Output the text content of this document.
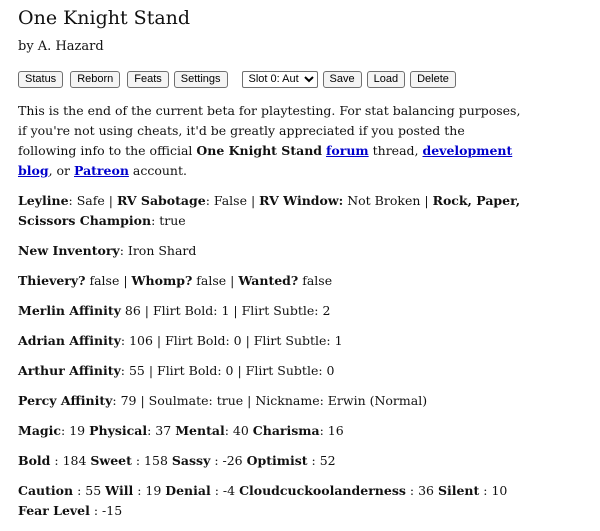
One Knight Stand

by A. Hazard

Status	Reborn	Feats	Settings
Slot 0: Autosave	Save	Load	Delete

This is the end of the current beta for playtesting. For stat balancing purposes, if you're not using cheats, it'd be greatly appreciated if you posted the following info to the official One Knight Stand forum thread, development blog, or Patreon account.

Leyline: Safe | RV Sabotage: False | RV Window: Not Broken | Rock, Paper, Scissors Champion: true

New Inventory: Iron Shard

Thievery? false | Whomp? false | Wanted? false

Merlin Affinity 86 | Flirt Bold: 1 | Flirt Subtle: 2

Adrian Affinity: 106 | Flirt Bold: 0 | Flirt Subtle: 1

Arthur Affinity: 55 | Flirt Bold: 0 | Flirt Subtle: 0

Percy Affinity: 79 | Soulmate: true | Nickname: Erwin (Normal)

Magic: 19 Physical: 37 Mental: 40 Charisma: 16

Bold : 184 Sweet : 158 Sassy : -26 Optimist : 52

Caution : 55 Will : 19 Denial : -4 Cloudcuckoolanderness : 36 Silent : 10 Fear Level : -15
